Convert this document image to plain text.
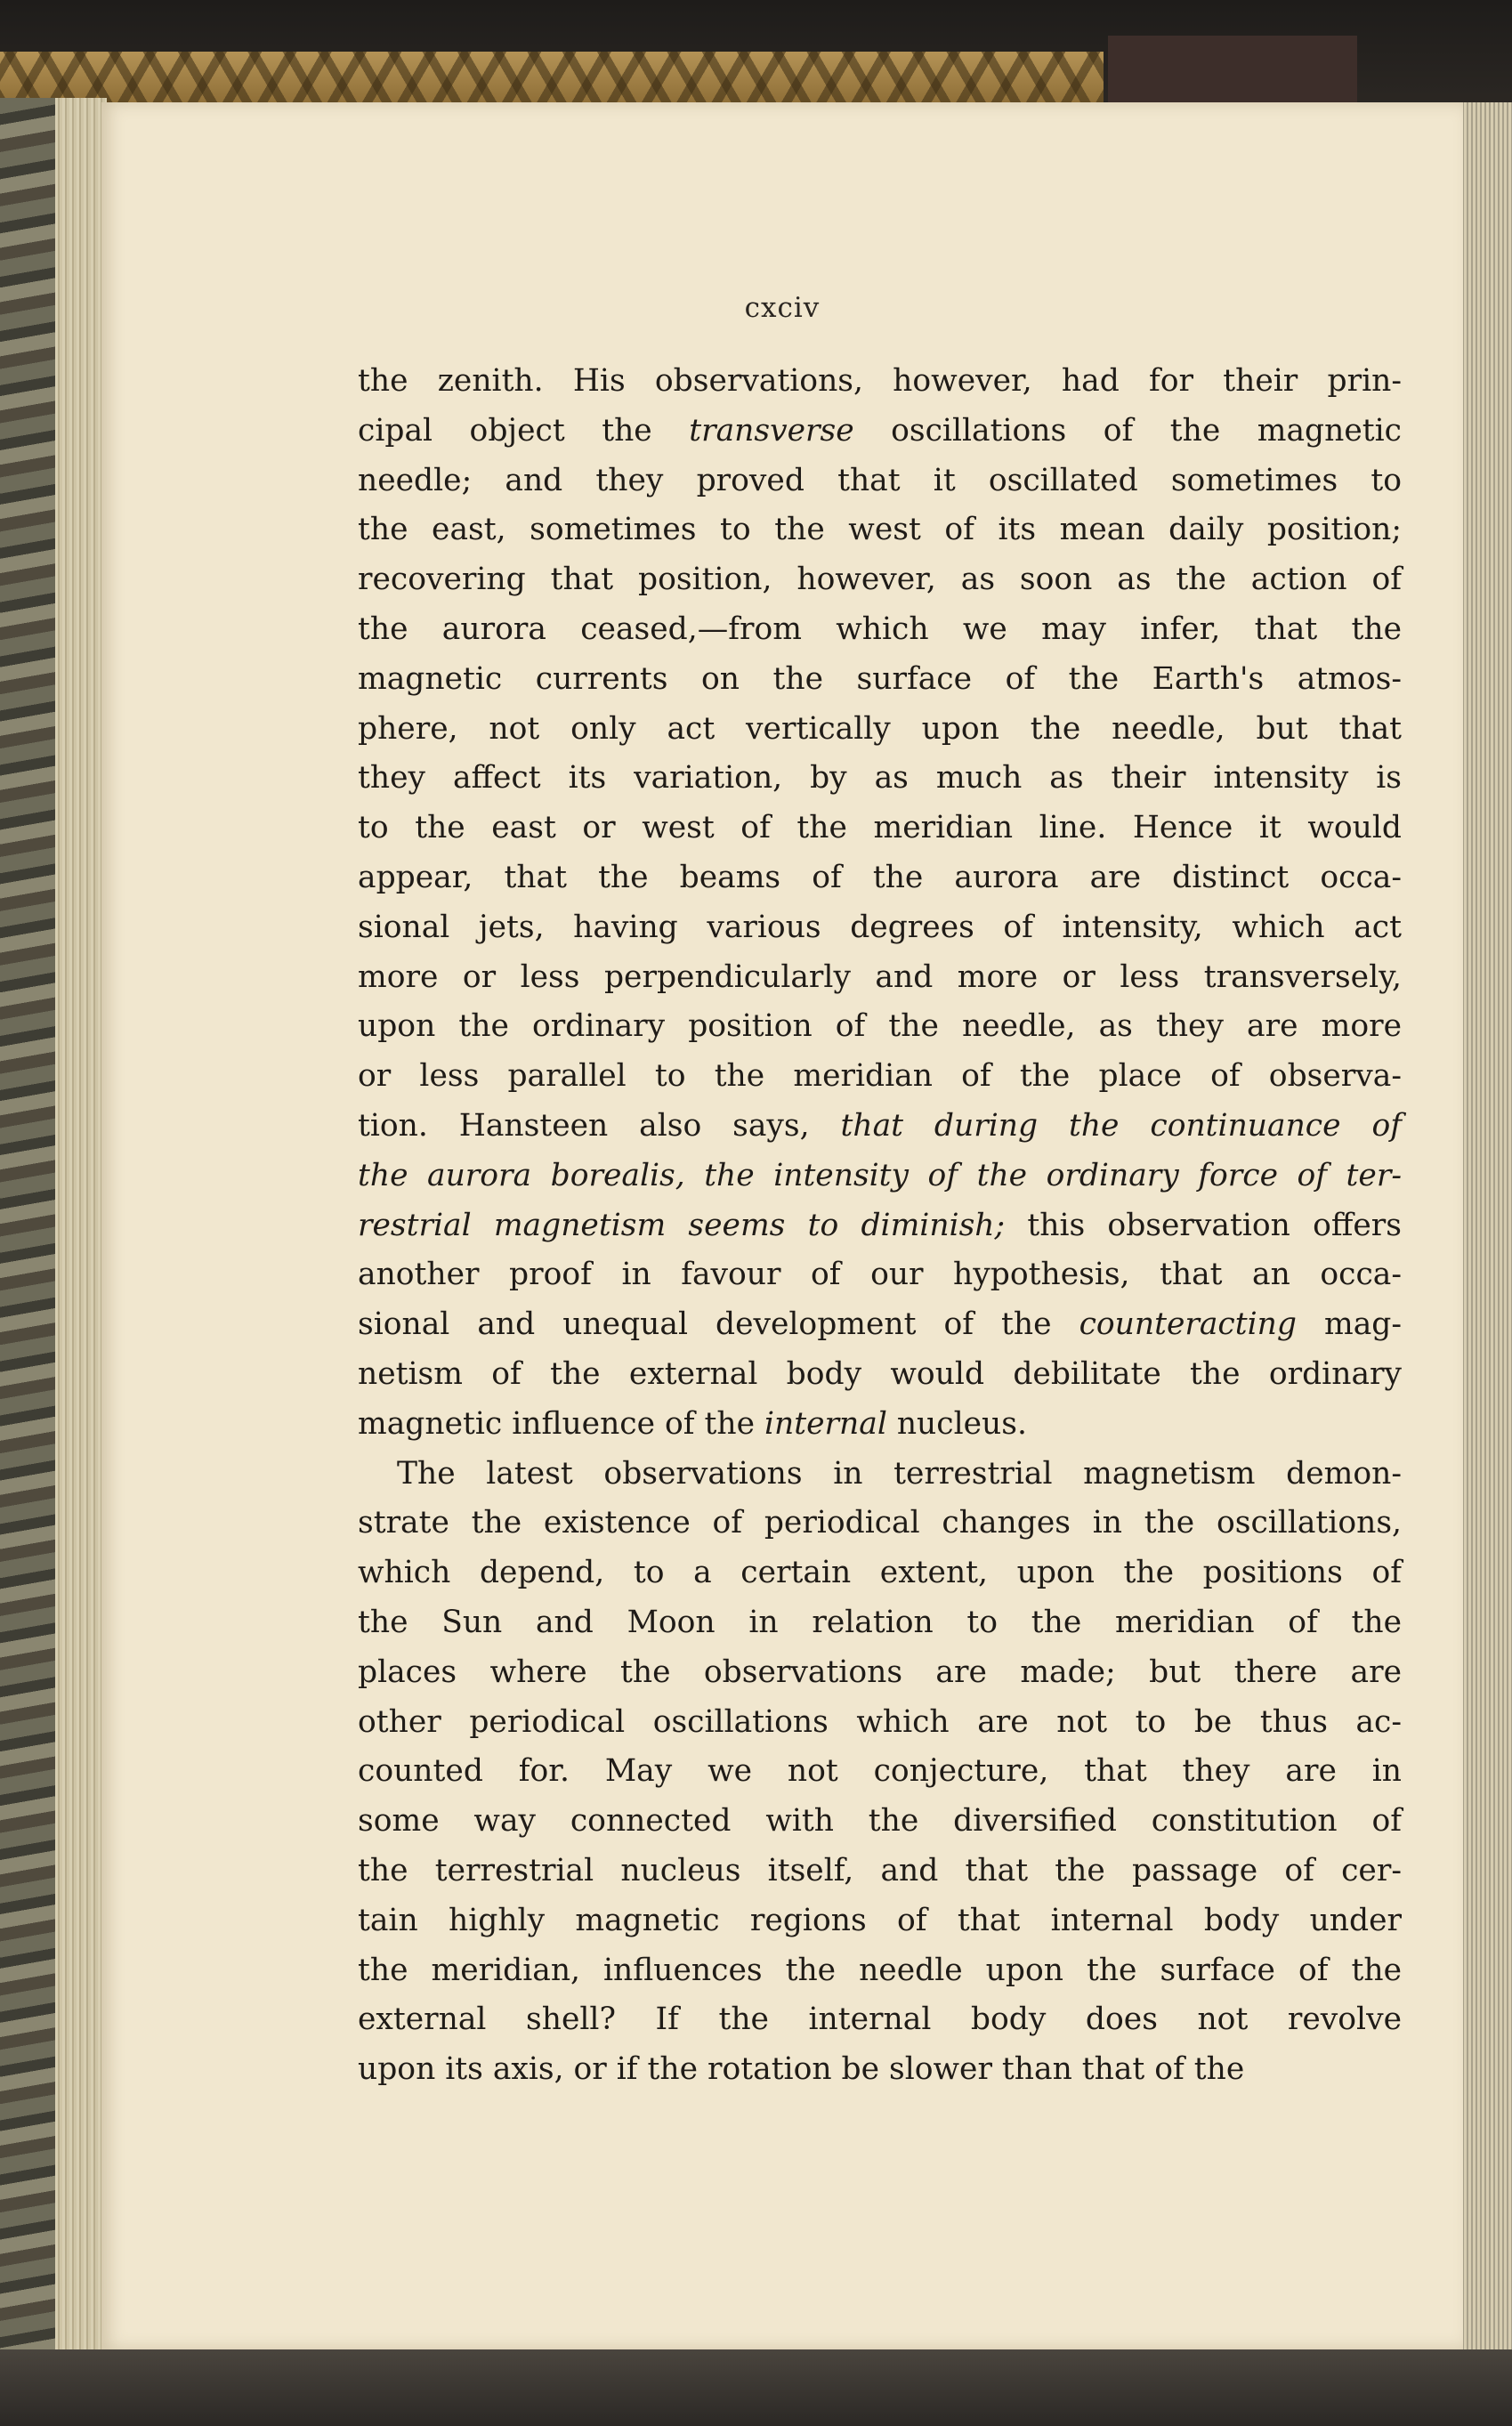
cxciv
the zenith. His observations, however, had for their prin-
cipal object the transverse oscillations of the magnetic
needle; and they proved that it oscillated sometimes to
the east, sometimes to the west of its mean daily position;
recovering that position, however, as soon as the action of
the aurora ceased,—from which we may infer, that the
magnetic currents on the surface of the Earth's atmos-
phere, not only act vertically upon the needle, but that
they affect its variation, by as much as their intensity is
to the east or west of the meridian line. Hence it would
appear, that the beams of the aurora are distinct occa-
sional jets, having various degrees of intensity, which act
more or less perpendicularly and more or less transversely,
upon the ordinary position of the needle, as they are more
or less parallel to the meridian of the place of observa-
tion. Hansteen also says, that during the continuance of
the aurora borealis, the intensity of the ordinary force of ter-
restrial magnetism seems to diminish; this observation offers
another proof in favour of our hypothesis, that an occa-
sional and unequal development of the counteracting mag-
netism of the external body would debilitate the ordinary
magnetic influence of the internal nucleus.
The latest observations in terrestrial magnetism demon-
strate the existence of periodical changes in the oscillations,
which depend, to a certain extent, upon the positions of
the Sun and Moon in relation to the meridian of the
places where the observations are made; but there are
other periodical oscillations which are not to be thus ac-
counted for. May we not conjecture, that they are in
some way connected with the diversified constitution of
the terrestrial nucleus itself, and that the passage of cer-
tain highly magnetic regions of that internal body under
the meridian, influences the needle upon the surface of the
external shell? If the internal body does not revolve
upon its axis, or if the rotation be slower than that of the
